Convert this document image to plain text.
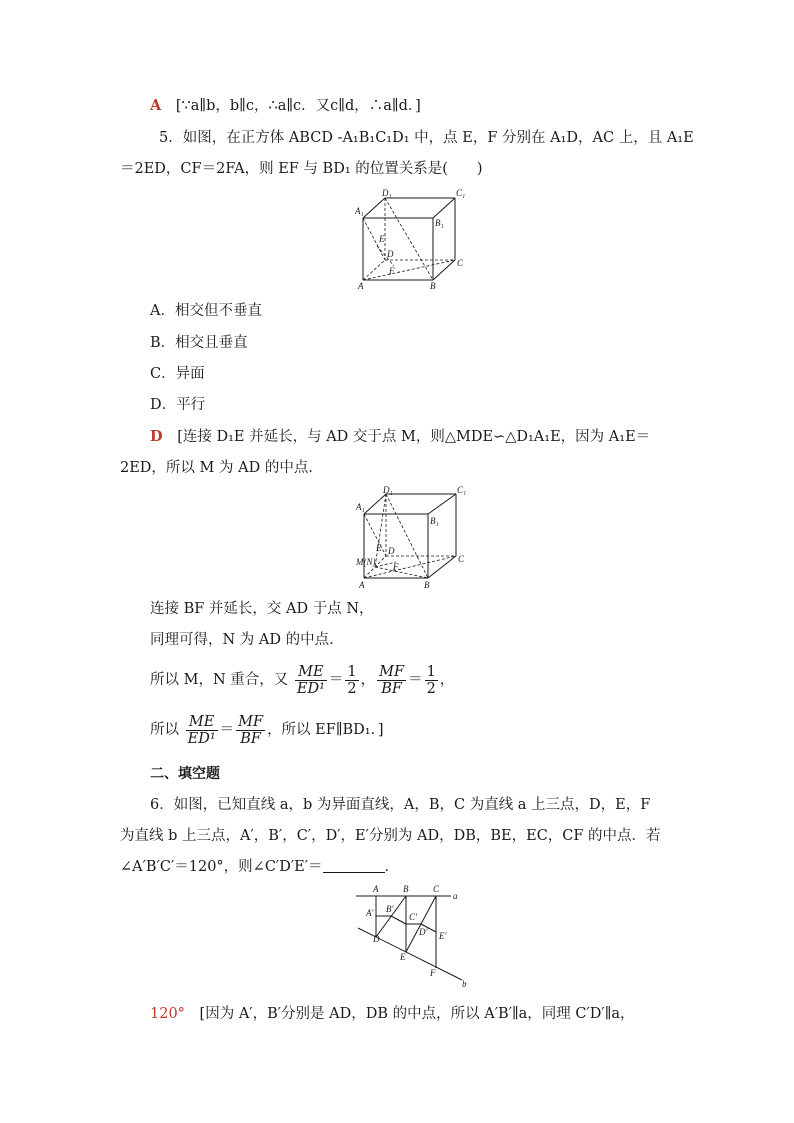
A [∵a∥b，b∥c，∴a∥c．又c∥d，∴a∥d．]
5．如图，在正方体 ABCD -A₁B₁C₁D₁ 中，点 E，F 分别在 A₁D，AC 上，且 A₁E
＝2ED，CF＝2FA，则 EF 与 BD₁ 的位置关系是(　　)
D₁	C₁
A₁
B₁
E
D
F
C
A	B
A．相交但不垂直
B．相交且垂直
C．异面
D．平行
D [连接 D₁E 并延长，与 AD 交于点 M，则△MDE∽△D₁A₁E，因为 A₁E＝
2ED，所以 M 为 AD 的中点．
D₁	C₁
A₁
B₁
E D
M(N) F
C
A	B
连接 BF 并延长，交 AD 于点 N，
同理可得，N 为 AD 的中点．
所以 M，N 重合，又 $\frac{ME}{\text{ED¹}} = \frac{1}{2}$ ， $\frac{MF}{BF} = \frac{1}{2}$ ，
所以 $\frac{ME}{\text{ED¹}} = \frac{MF}{BF}$ ，所以 EF∥BD₁．]
二、填空题
6．如图，已知直线 a，b 为异面直线，A，B，C 为直线 a 上三点，D，E，F
为直线 b 上三点，A′，B′，C′，D′，E′分别为 AD，DB，BE，EC，CF 的中点．若
∠A′B′C′＝120°，则∠C′D′E′＝	．
A	B	C
a
A′ B′
C′
D′ E′
D
E
F
b
120° [因为 A′，B′分别是 AD，DB 的中点，所以 A′B′∥a，同理 C′D′∥a，
